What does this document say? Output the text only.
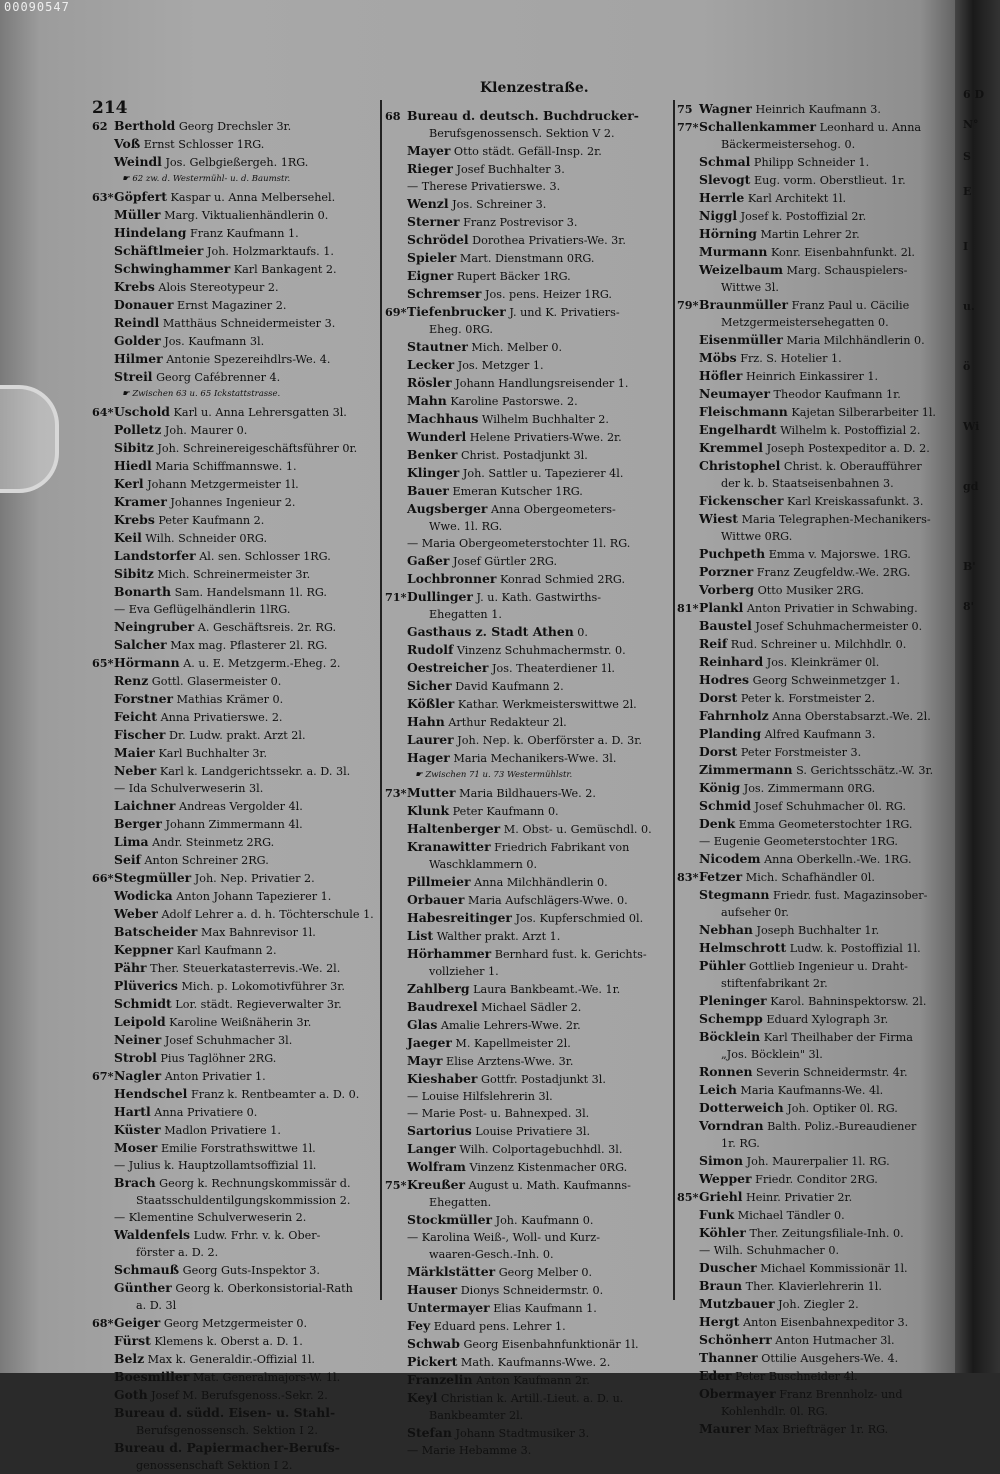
00090547
214
Klenzestraße.
62 Berthold Georg Drechsler 3r.
Voß Ernst Schlosser 1RG.
Weindl Jos. Gelbgießergeh. 1RG.
☛ 62 zw. d. Westermühl- u. d. Baumstr.
63*Göpfert Kaspar u. Anna Melbersehel.
Müller Marg. Viktualienhändlerin 0.
Hindelang Franz Kaufmann 1.
Schäftlmeier Joh. Holzmarktaufs. 1.
Schwinghammer Karl Bankagent 2.
Krebs Alois Stereotypeur 2.
Donauer Ernst Magaziner 2.
Reindl Matthäus Schneidermeister 3.
Golder Jos. Kaufmann 3l.
Hilmer Antonie Spezereihdlrs-We. 4.
Streil Georg Cafébrenner 4.
☛ Zwischen 63 u. 65 Ickstattstrasse.
64*Uschold Karl u. Anna Lehrersgatten 3l.
Polletz Joh. Maurer 0.
Sibitz Joh. Schreinereigeschäftsführer 0r.
Hiedl Maria Schiffmannswe. 1.
Kerl Johann Metzgermeister 1l.
Kramer Johannes Ingenieur 2.
Krebs Peter Kaufmann 2.
Keil Wilh. Schneider 0RG.
Landstorfer Al. sen. Schlosser 1RG.
Sibitz Mich. Schreinermeister 3r.
Bonarth Sam. Handelsmann 1l. RG.
— Eva Geflügelhändlerin 1lRG.
Neingruber A. Geschäftsreis. 2r. RG.
Salcher Max mag. Pflasterer 2l. RG.
65*Hörmann A. u. E. Metzgerm.-Eheg. 2.
Renz Gottl. Glasermeister 0.
Forstner Mathias Krämer 0.
Feicht Anna Privatierswe. 2.
Fischer Dr. Ludw. prakt. Arzt 2l.
Maier Karl Buchhalter 3r.
Neber Karl k. Landgerichtssekr. a. D. 3l.
— Ida Schulverweserin 3l.
Laichner Andreas Vergolder 4l.
Berger Johann Zimmermann 4l.
Lima Andr. Steinmetz 2RG.
Seif Anton Schreiner 2RG.
66*Stegmüller Joh. Nep. Privatier 2.
Wodicka Anton Johann Tapezierer 1.
Weber Adolf Lehrer a. d. h. Töchterschule 1.
Batscheider Max Bahnrevisor 1l.
Keppner Karl Kaufmann 2.
Pähr Ther. Steuerkatasterrevis.-We. 2l.
Plüverics Mich. p. Lokomotivführer 3r.
Schmidt Lor. städt. Regieverwalter 3r.
Leipold Karoline Weißnäherin 3r.
Neiner Josef Schuhmacher 3l.
Strobl Pius Taglöhner 2RG.
67*Nagler Anton Privatier 1.
Hendschel Franz k. Rentbeamter a. D. 0.
Hartl Anna Privatiere 0.
Küster Madlon Privatiere 1.
Moser Emilie Forstrathswittwe 1l.
— Julius k. Hauptzollamtsoffizial 1l.
Brach Georg k. Rechnungskommissär d.
Staatsschuldentilgungskommission 2.
— Klementine Schulverweserin 2.
Waldenfels Ludw. Frhr. v. k. Ober-
förster a. D. 2.
Schmauß Georg Guts-Inspektor 3.
Günther Georg k. Oberkonsistorial-Rath
a. D. 3l
68*Geiger Georg Metzgermeister 0.
Fürst Klemens k. Oberst a. D. 1.
Belz Max k. Generaldir.-Offizial 1l.
Boesmiller Mat. Generalmajors-W. 1l.
Goth Josef M. Berufsgenoss.-Sekr. 2.
Bureau d. südd. Eisen- u. Stahl-
Berufsgenossensch. Sektion I 2.
Bureau d. Papiermacher-Berufs-
genossenschaft Sektion I 2.
68 Bureau d. deutsch. Buchdrucker-
Berufsgenossensch. Sektion V 2.
Mayer Otto städt. Gefäll-Insp. 2r.
Rieger Josef Buchhalter 3.
— Therese Privatierswe. 3.
Wenzl Jos. Schreiner 3.
Sterner Franz Postrevisor 3.
Schrödel Dorothea Privatiers-We. 3r.
Spieler Mart. Dienstmann 0RG.
Eigner Rupert Bäcker 1RG.
Schremser Jos. pens. Heizer 1RG.
69*Tiefenbrucker J. und K. Privatiers-
Eheg. 0RG.
Stautner Mich. Melber 0.
Lecker Jos. Metzger 1.
Rösler Johann Handlungsreisender 1.
Mahn Karoline Pastorswe. 2.
Machhaus Wilhelm Buchhalter 2.
Wunderl Helene Privatiers-Wwe. 2r.
Benker Christ. Postadjunkt 3l.
Klinger Joh. Sattler u. Tapezierer 4l.
Bauer Emeran Kutscher 1RG.
Augsberger Anna Obergeometers-
Wwe. 1l. RG.
— Maria Obergeometerstochter 1l. RG.
Gaßer Josef Gürtler 2RG.
Lochbronner Konrad Schmied 2RG.
71*Dullinger J. u. Kath. Gastwirths-
Ehegatten 1.
Gasthaus z. Stadt Athen 0.
Rudolf Vinzenz Schuhmachermstr. 0.
Oestreicher Jos. Theaterdiener 1l.
Sicher David Kaufmann 2.
Kößler Kathar. Werkmeisterswittwe 2l.
Hahn Arthur Redakteur 2l.
Laurer Joh. Nep. k. Oberförster a. D. 3r.
Hager Maria Mechanikers-Wwe. 3l.
☛ Zwischen 71 u. 73 Westermühlstr.
73*Mutter Maria Bildhauers-We. 2.
Klunk Peter Kaufmann 0.
Haltenberger M. Obst- u. Gemüschdl. 0.
Kranawitter Friedrich Fabrikant von
Waschklammern 0.
Pillmeier Anna Milchhändlerin 0.
Orbauer Maria Aufschlägers-Wwe. 0.
Habesreitinger Jos. Kupferschmied 0l.
List Walther prakt. Arzt 1.
Hörhammer Bernhard fust. k. Gerichts-
vollzieher 1.
Zahlberg Laura Bankbeamt.-We. 1r.
Baudrexel Michael Sädler 2.
Glas Amalie Lehrers-Wwe. 2r.
Jaeger M. Kapellmeister 2l.
Mayr Elise Arztens-Wwe. 3r.
Kieshaber Gottfr. Postadjunkt 3l.
— Louise Hilfslehrerin 3l.
— Marie Post- u. Bahnexped. 3l.
Sartorius Louise Privatiere 3l.
Langer Wilh. Colportagebuchhdl. 3l.
Wolfram Vinzenz Kistenmacher 0RG.
75*Kreußer August u. Math. Kaufmanns-
Ehegatten.
Stockmüller Joh. Kaufmann 0.
— Karolina Weiß-, Woll- und Kurz-
waaren-Gesch.-Inh. 0.
Märklstätter Georg Melber 0.
Hauser Dionys Schneidermstr. 0.
Untermayer Elias Kaufmann 1.
Fey Eduard pens. Lehrer 1.
Schwab Georg Eisenbahnfunktionär 1l.
Pickert Math. Kaufmanns-Wwe. 2.
Franzelin Anton Kaufmann 2r.
Keyl Christian k. Artill.-Lieut. a. D. u.
Bankbeamter 2l.
Stefan Johann Stadtmusiker 3.
— Marie Hebamme 3.
75 Wagner Heinrich Kaufmann 3.
77*Schallenkammer Leonhard u. Anna
Bäckermeistersehog. 0.
Schmal Philipp Schneider 1.
Slevogt Eug. vorm. Oberstlieut. 1r.
Herrle Karl Architekt 1l.
Niggl Josef k. Postoffizial 2r.
Hörning Martin Lehrer 2r.
Murmann Konr. Eisenbahnfunkt. 2l.
Weizelbaum Marg. Schauspielers-
Wittwe 3l.
79*Braunmüller Franz Paul u. Cäcilie
Metzgermeistersehegatten 0.
Eisenmüller Maria Milchhändlerin 0.
Möbs Frz. S. Hotelier 1.
Höfler Heinrich Einkassirer 1.
Neumayer Theodor Kaufmann 1r.
Fleischmann Kajetan Silberarbeiter 1l.
Engelhardt Wilhelm k. Postoffizial 2.
Kremmel Joseph Postexpeditor a. D. 2.
Christophel Christ. k. Oberaufführer
der k. b. Staatseisenbahnen 3.
Fickenscher Karl Kreiskassafunkt. 3.
Wiest Maria Telegraphen-Mechanikers-
Wittwe 0RG.
Puchpeth Emma v. Majorswe. 1RG.
Porzner Franz Zeugfeldw.-We. 2RG.
Vorberg Otto Musiker 2RG.
81*Plankl Anton Privatier in Schwabing.
Baustel Josef Schuhmachermeister 0.
Reif Rud. Schreiner u. Milchhdlr. 0.
Reinhard Jos. Kleinkrämer 0l.
Hodres Georg Schweinmetzger 1.
Dorst Peter k. Forstmeister 2.
Fahrnholz Anna Oberstabsarzt.-We. 2l.
Planding Alfred Kaufmann 3.
Dorst Peter Forstmeister 3.
Zimmermann S. Gerichtsschätz.-W. 3r.
König Jos. Zimmermann 0RG.
Schmid Josef Schuhmacher 0l. RG.
Denk Emma Geometerstochter 1RG.
— Eugenie Geometerstochter 1RG.
Nicodem Anna Oberkelln.-We. 1RG.
83*Fetzer Mich. Schafhändler 0l.
Stegmann Friedr. fust. Magazinsober-
aufseher 0r.
Nebhan Joseph Buchhalter 1r.
Helmschrott Ludw. k. Postoffizial 1l.
Pühler Gottlieb Ingenieur u. Draht-
stiftenfabrikant 2r.
Pleninger Karol. Bahninspektorsw. 2l.
Schempp Eduard Xylograph 3r.
Böcklein Karl Theilhaber der Firma
„Jos. Böcklein" 3l.
Ronnen Severin Schneidermstr. 4r.
Leich Maria Kaufmanns-We. 4l.
Dotterweich Joh. Optiker 0l. RG.
Vorndran Balth. Poliz.-Bureaudiener
1r. RG.
Simon Joh. Maurerpalier 1l. RG.
Wepper Friedr. Conditor 2RG.
85*Griehl Heinr. Privatier 2r.
Funk Michael Tändler 0.
Köhler Ther. Zeitungsfiliale-Inh. 0.
— Wilh. Schuhmacher 0.
Duscher Michael Kommissionär 1l.
Braun Ther. Klavierlehrerin 1l.
Mutzbauer Joh. Ziegler 2.
Hergt Anton Eisenbahnexpeditor 3.
Schönherr Anton Hutmacher 3l.
Thanner Ottilie Ausgehers-We. 4.
Eder Peter Buschneider 4l.
Obermayer Franz Brennholz- und
Kohlenhdlr. 0l. RG.
Maurer Max Briefträger 1r. RG.
6 D
N°
S
E
I
u.
ö
Wi
gd
B'
8'
